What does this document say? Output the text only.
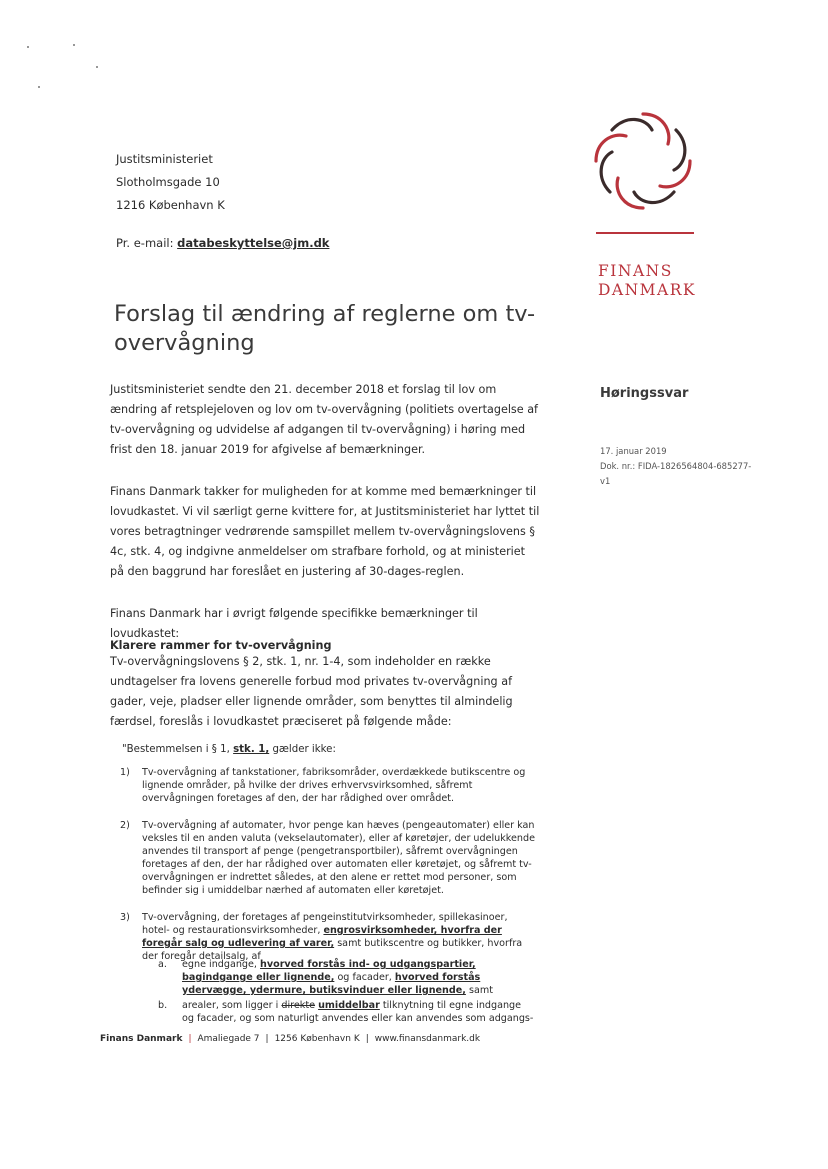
Justitsministeriet
Slotholmsgade 10
1216 København K
Pr. e-mail: databeskyttelse@jm.dk
Forslag til ændring af reglerne om tv-overvågning

Justitsministeriet sendte den 21. december 2018 et forslag til lov om ændring af retsplejeloven og lov om tv-overvågning (politiets overtagelse af tv-overvågning og udvidelse af adgangen til tv-overvågning) i høring med frist den 18. januar 2019 for afgivelse af bemærkninger.

Finans Danmark takker for muligheden for at komme med bemærkninger til lovudkastet. Vi vil særligt gerne kvittere for, at Justitsministeriet har lyttet til vores betragtninger vedrørende samspillet mellem tv-overvågningslovens § 4c, stk. 4, og indgivne anmeldelser om strafbare forhold, og at ministeriet på den baggrund har foreslået en justering af 30-dages-reglen.

Finans Danmark har i øvrigt følgende specifikke bemærkninger til lovudkastet:

Klarere rammer for tv-overvågning

Tv-overvågningslovens § 2, stk. 1, nr. 1-4, som indeholder en række undtagelser fra lovens generelle forbud mod privates tv-overvågning af gader, veje, pladser eller lignende områder, som benyttes til almindelig færdsel, foreslås i lovudkastet præciseret på følgende måde:

"Bestemmelsen i § 1, stk. 1, gælder ikke:
1)	Tv-overvågning af tankstationer, fabriksområder, overdækkede butikscentre og lignende områder, på hvilke der drives erhvervsvirksomhed, såfremt overvågningen foretages af den, der har rådighed over området.
2)	Tv-overvågning af automater, hvor penge kan hæves (pengeautomater) eller kan veksles til en anden valuta (vekselautomater), eller af køretøjer, der udelukkende anvendes til transport af penge (pengetransportbiler), såfremt overvågningen foretages af den, der har rådighed over automaten eller køretøjet, og såfremt tv-overvågningen er indrettet således, at den alene er rettet mod personer, som befinder sig i umiddelbar nærhed af automaten eller køretøjet.
3)	Tv-overvågning, der foretages af pengeinstitutvirksomheder, spillekasinoer, hotel- og restaurationsvirksomheder, engrosvirksomheder, hvorfra der foregår salg og udlevering af varer, samt butikscentre og butikker, hvorfra der foregår detailsalg, af
a.	egne indgange, hvorved forstås ind- og udgangspartier, bagindgange eller lignende, og facader, hvorved forstås ydervægge, ydermure, butiksvinduer eller lignende, samt
b.	arealer, som ligger i direkte umiddelbar tilknytning til egne indgange og facader, og som naturligt anvendes eller kan anvendes som adgangs-
Finans Danmark | Amaliegade 7 | 1256 København K | www.finansdanmark.dk
FINANS
DANMARK
Høringssvar
17. januar 2019
Dok. nr.: FIDA-1826564804-685277-
v1
